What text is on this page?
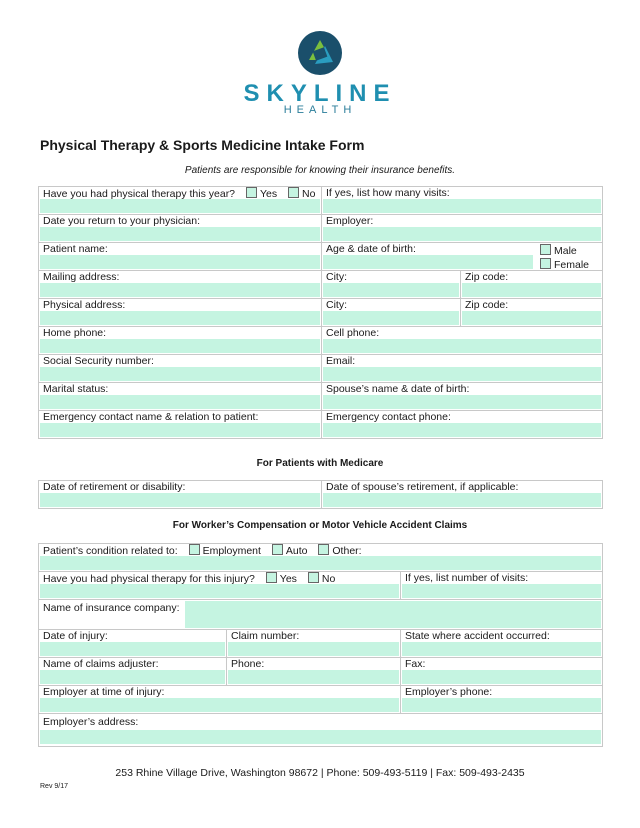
SKYLINE
HEALTH
Physical Therapy & Sports Medicine Intake Form
Patients are responsible for knowing their insurance benefits.
Have you had physical therapy this year? Yes No	If yes, list how many visits:	

Date you return to your physician:	Employer:	

Patient name:	Age & date of birth: Male
Female	

Mailing address:	City:	Zip code:

Physical address:	City:	Zip code:

Home phone:	Cell phone:	

Social Security number:	Email:	

Marital status:	Spouse’s name & date of birth:	

Emergency contact name & relation to patient:	Emergency contact phone:	
For Patients with Medicare
Date of retirement or disability:	Date of spouse’s retirement, if applicable:
For Worker’s Compensation or Motor Vehicle Accident Claims
Patient’s condition related to: Employment Auto Other:		

Have you had physical therapy for this injury? Yes No		If yes, list number of visits:

Name of insurance company:		

Date of injury:	Claim number:	State where accident occurred:

Name of claims adjuster:	Phone:	Fax:

Employer at time of injury:		Employer’s phone:

Employer’s address:		
253 Rhine Village Drive, Washington 98672 | Phone: 509-493-5119 | Fax: 509-493-2435
Rev 9/17
